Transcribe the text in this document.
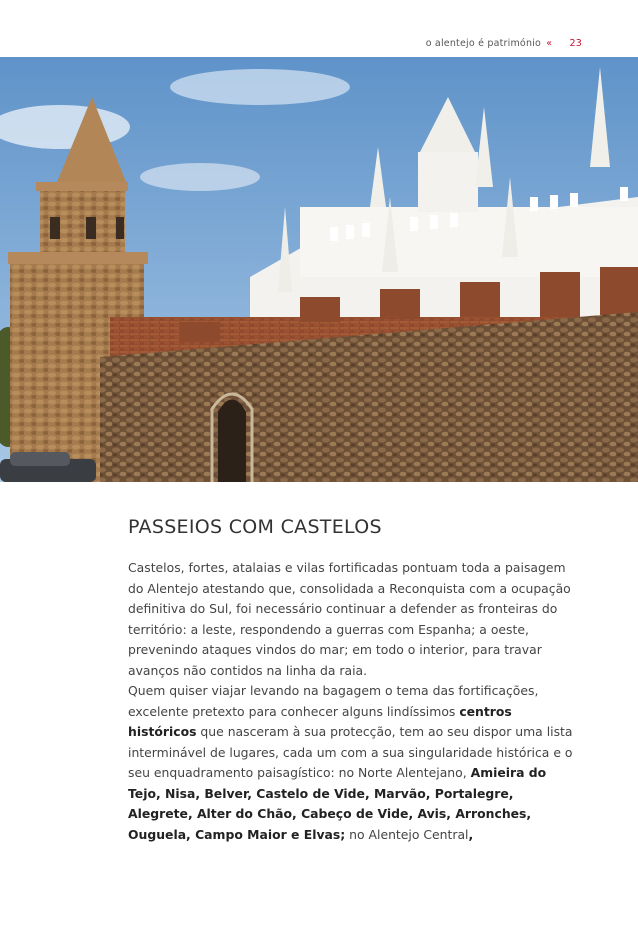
o alentejo é património « 23
PASSEIOS COM CASTELOS

Castelos, fortes, atalaias e vilas fortificadas pontuam toda a paisagem do Alentejo atestando que, consolidada a Reconquista com a ocupação definitiva do Sul, foi necessário continuar a defender as fronteiras do território: a leste, respondendo a guerras com Espanha; a oeste, prevenindo ataques vindos do mar; em todo o interior, para travar avanços não contidos na linha da raia.

Quem quiser viajar levando na bagagem o tema das fortificações, excelente pretexto para conhecer alguns lindíssimos centros históricos que nasceram à sua protecção, tem ao seu dispor uma lista interminável de lugares, cada um com a sua singularidade histórica e o seu enquadramento paisagístico: no Norte Alentejano, Amieira do Tejo, Nisa, Belver, Castelo de Vide, Marvão, Portalegre, Alegrete, Alter do Chão, Cabeço de Vide, Avis, Arronches, Ouguela, Campo Maior e Elvas; no Alentejo Central,
